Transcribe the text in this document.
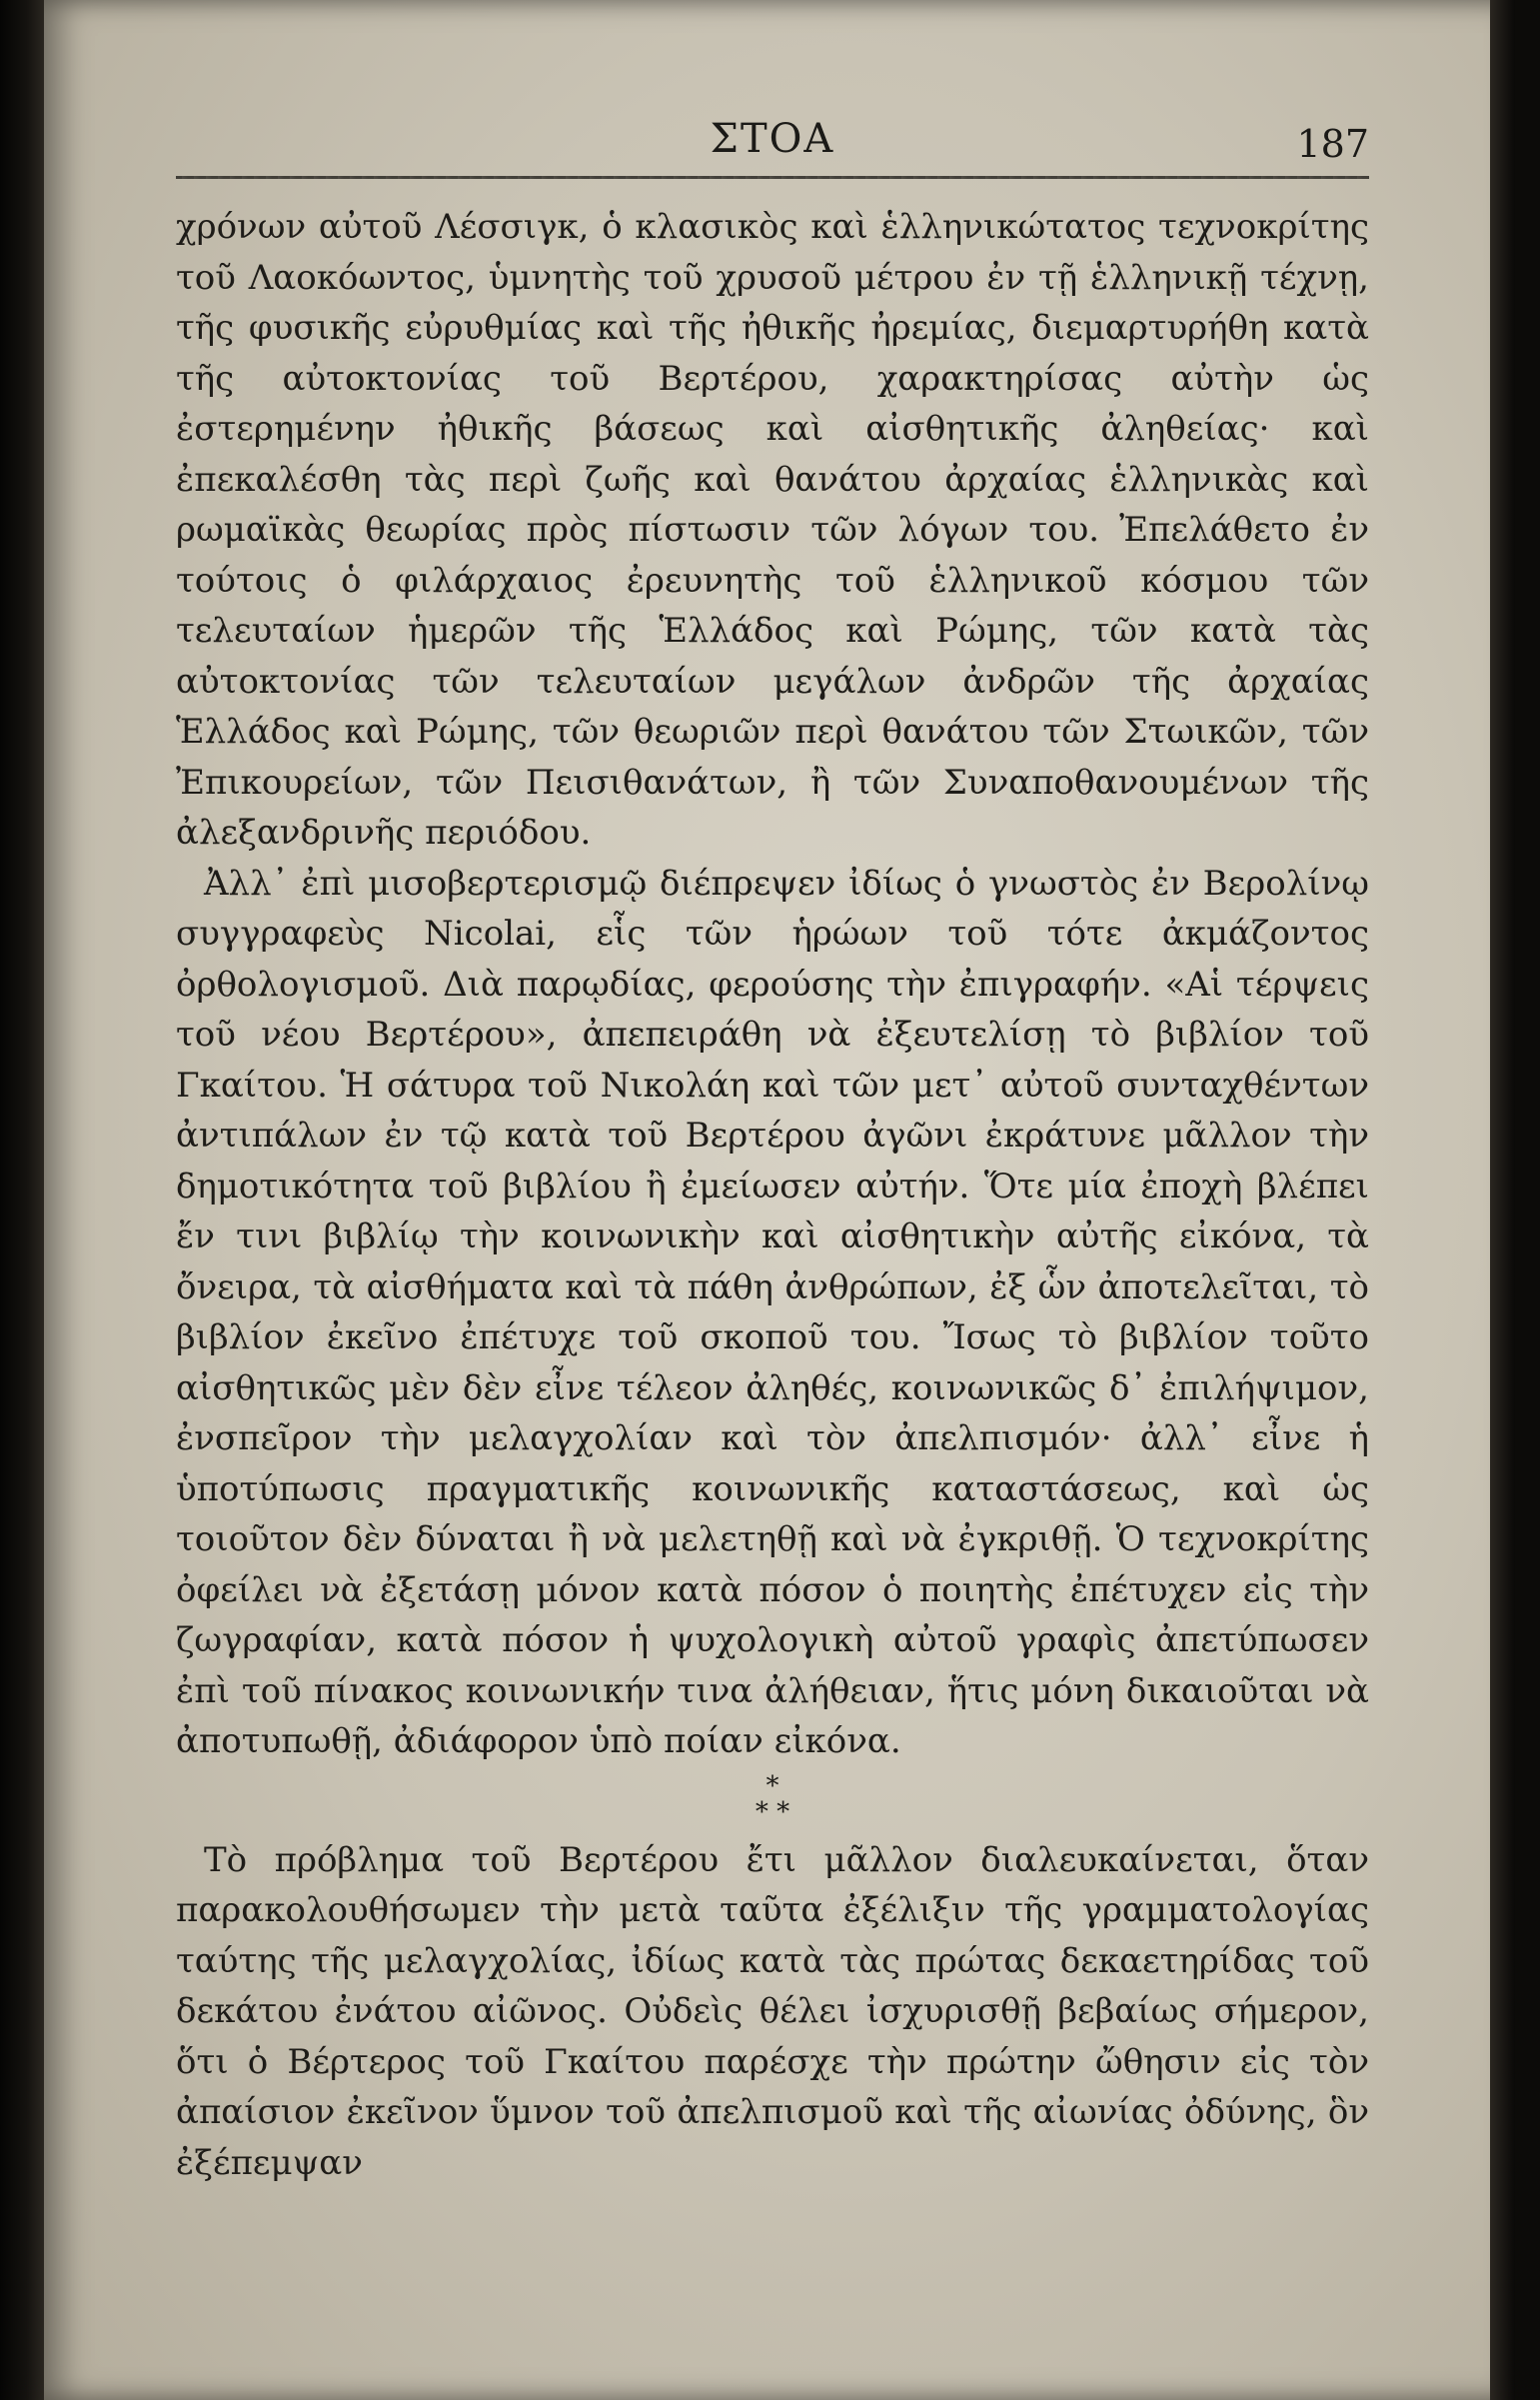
ΣΤΟΑ	187

χρόνων αὐτοῦ Λέσσιγκ, ὁ κλασικὸς καὶ ἑλληνικώτατος τεχνοκρίτης τοῦ Λαοκόωντος, ὑμνητὴς τοῦ χρυσοῦ μέτρου ἐν τῇ ἑλληνικῇ τέχνῃ, τῆς φυσικῆς εὐρυθμίας καὶ τῆς ἠθικῆς ἠρεμίας, διεμαρτυρήθη κατὰ τῆς αὐτοκτονίας τοῦ Βερτέρου, χαρακτηρίσας αὐτὴν ὡς ἐστερημένην ἠθικῆς βάσεως καὶ αἰσθητικῆς ἀληθείας· καὶ ἐπεκαλέσθη τὰς περὶ ζωῆς καὶ θανάτου ἀρχαίας ἑλληνικὰς καὶ ρωμαϊκὰς θεωρίας πρὸς πίστωσιν τῶν λόγων του. Ἐπελάθετο ἐν τούτοις ὁ φιλάρχαιος ἐρευνητὴς τοῦ ἑλληνικοῦ κόσμου τῶν τελευταίων ἡμερῶν τῆς Ἑλλάδος καὶ Ρώμης, τῶν κατὰ τὰς αὐτοκτονίας τῶν τελευταίων μεγάλων ἀνδρῶν τῆς ἀρχαίας Ἑλλάδος καὶ Ρώμης, τῶν θεωριῶν περὶ θανάτου τῶν Στωικῶν, τῶν Ἐπικουρείων, τῶν Πεισιθανάτων, ἢ τῶν Συναποθανουμένων τῆς ἀλεξανδρινῆς περιόδου.

Ἀλλ᾽ ἐπὶ μισοβερτερισμῷ διέπρεψεν ἰδίως ὁ γνωστὸς ἐν Βερολίνῳ συγγραφεὺς Nicolai, εἷς τῶν ἡρώων τοῦ τότε ἀκμάζοντος ὀρθολογισμοῦ. Διὰ παρῳδίας, φερούσης τὴν ἐπιγραφήν. «Αἱ τέρψεις τοῦ νέου Βερτέρου», ἀπεπειράθη νὰ ἐξευτελίσῃ τὸ βιβλίον τοῦ Γκαίτου. Ἡ σάτυρα τοῦ Νικολάη καὶ τῶν μετ᾽ αὐτοῦ συνταχθέντων ἀντιπάλων ἐν τῷ κατὰ τοῦ Βερτέρου ἀγῶνι ἐκράτυνε μᾶλλον τὴν δημοτικότητα τοῦ βιβλίου ἢ ἐμείωσεν αὐτήν. Ὅτε μία ἐποχὴ βλέπει ἔν τινι βιβλίῳ τὴν κοινωνικὴν καὶ αἰσθητικὴν αὐτῆς εἰκόνα, τὰ ὄνειρα, τὰ αἰσθήματα καὶ τὰ πάθη ἀνθρώπων, ἐξ ὧν ἀποτελεῖται, τὸ βιβλίον ἐκεῖνο ἐπέτυχε τοῦ σκοποῦ του. Ἴσως τὸ βιβλίον τοῦτο αἰσθητικῶς μὲν δὲν εἶνε τέλεον ἀληθές, κοινωνικῶς δ᾽ ἐπιλήψιμον, ἐνσπεῖρον τὴν μελαγχολίαν καὶ τὸν ἀπελπισμόν· ἀλλ᾽ εἶνε ἡ ὑποτύπωσις πραγματικῆς κοινωνικῆς καταστάσεως, καὶ ὡς τοιοῦτον δὲν δύναται ἢ νὰ μελετηθῇ καὶ νὰ ἐγκριθῇ. Ὁ τεχνοκρίτης ὀφείλει νὰ ἐξετάσῃ μόνον κατὰ πόσον ὁ ποιητὴς ἐπέτυχεν εἰς τὴν ζωγραφίαν, κατὰ πόσον ἡ ψυχολογικὴ αὐτοῦ γραφὶς ἀπετύπωσεν ἐπὶ τοῦ πίνακος κοινωνικήν τινα ἀλήθειαν, ἥτις μόνη δικαιοῦται νὰ ἀποτυπωθῇ, ἀδιάφορον ὑπὸ ποίαν εἰκόνα.

*
* *

Τὸ πρόβλημα τοῦ Βερτέρου ἔτι μᾶλλον διαλευκαίνεται, ὅταν παρακολουθήσωμεν τὴν μετὰ ταῦτα ἐξέλιξιν τῆς γραμματολογίας ταύτης τῆς μελαγχολίας, ἰδίως κατὰ τὰς πρώτας δεκαετηρίδας τοῦ δεκάτου ἐνάτου αἰῶνος. Οὐδεὶς θέλει ἰσχυρισθῇ βεβαίως σήμερον, ὅτι ὁ Βέρτερος τοῦ Γκαίτου παρέσχε τὴν πρώτην ὤθησιν εἰς τὸν ἀπαίσιον ἐκεῖνον ὕμνον τοῦ ἀπελπισμοῦ καὶ τῆς αἰωνίας ὀδύνης, ὃν ἐξέπεμψαν
